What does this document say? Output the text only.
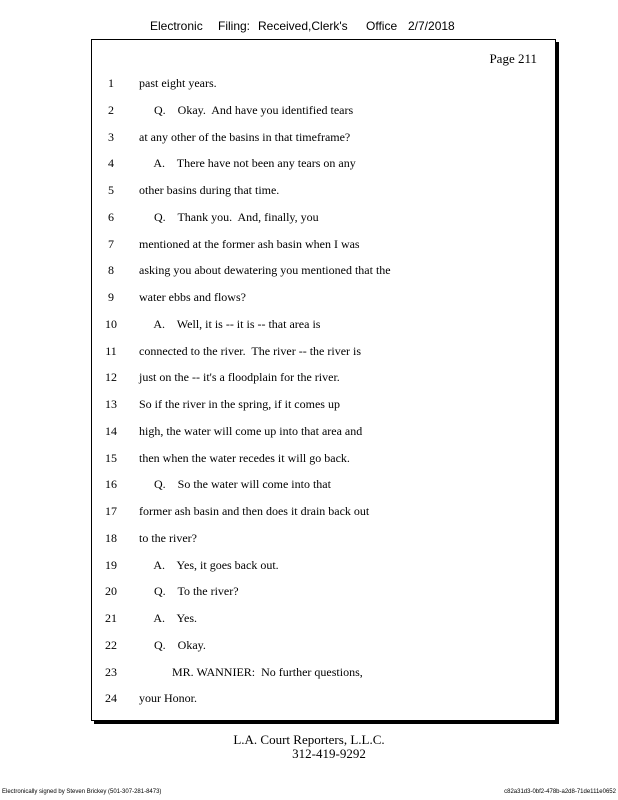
Electronic Filing: Received,Clerk's Office 2/7/2018
Page 211
1	past eight years.
2	Q.    Okay.  And have you identified tears
3	at any other of the basins in that timeframe?
4	A.    There have not been any tears on any
5	other basins during that time.
6	Q.    Thank you.  And, finally, you
7	mentioned at the former ash basin when I was
8	asking you about dewatering you mentioned that the
9	water ebbs and flows?
10	A.    Well, it is -- it is -- that area is
11	connected to the river.  The river -- the river is
12	just on the -- it's a floodplain for the river.
13	So if the river in the spring, if it comes up
14	high, the water will come up into that area and
15	then when the water recedes it will go back.
16	Q.    So the water will come into that
17	former ash basin and then does it drain back out
18	to the river?
19	A.    Yes, it goes back out.
20	Q.    To the river?
21	A.    Yes.
22	Q.    Okay.
23	MR. WANNIER:  No further questions,
24	your Honor.
L.A. Court Reporters, L.L.C.
312-419-9292
Electronically signed by Steven Brickey (501-307-281-8473)	c82a31d3-0bf2-478b-a2d8-71de111e0652
